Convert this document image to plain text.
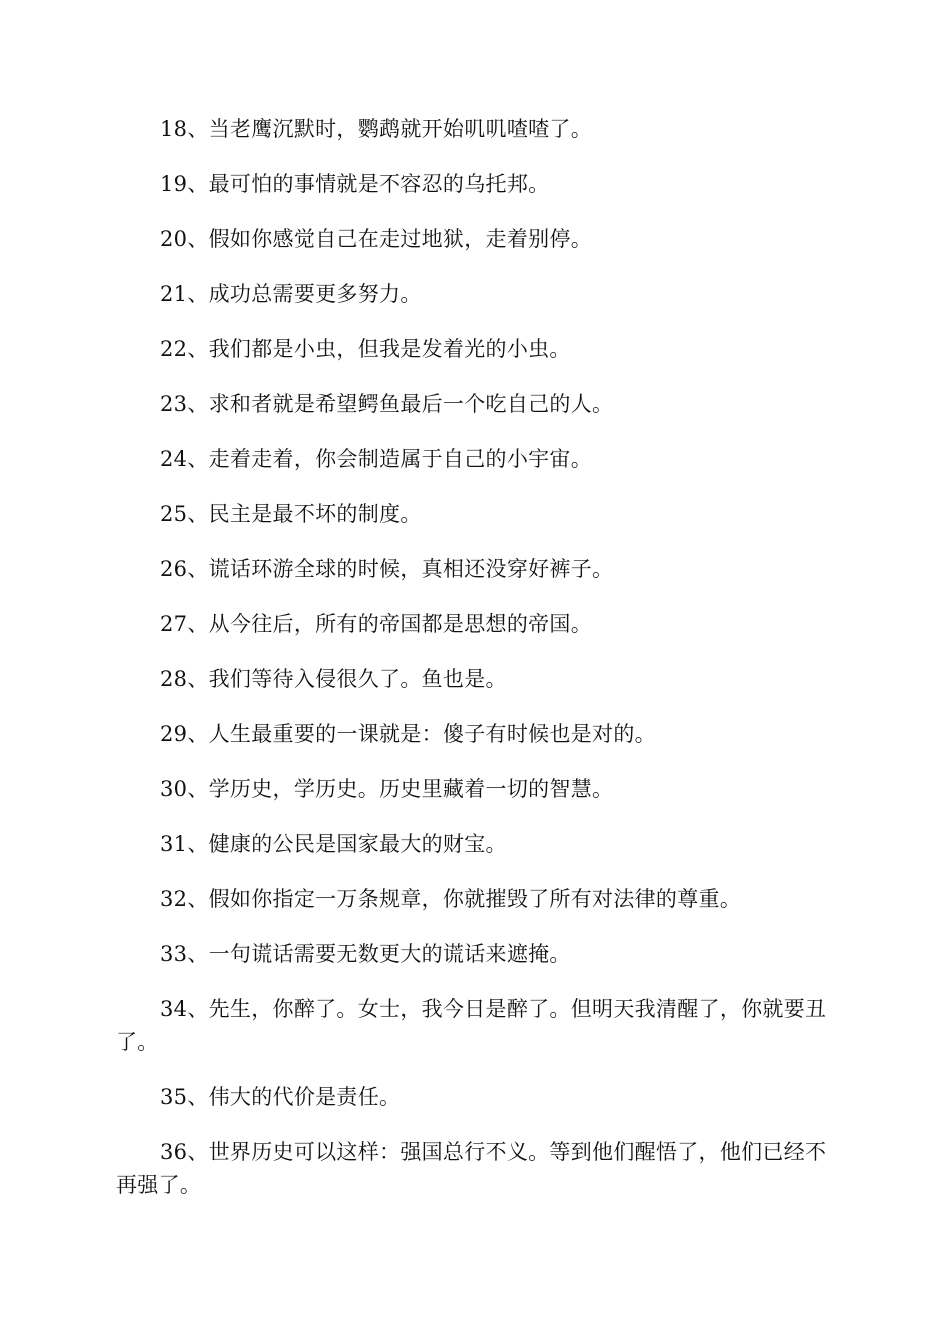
18、当老鹰沉默时，鹦鹉就开始叽叽喳喳了。

19、最可怕的事情就是不容忍的乌托邦。

20、假如你感觉自己在走过地狱，走着别停。

21、成功总需要更多努力。

22、我们都是小虫，但我是发着光的小虫。

23、求和者就是希望鳄鱼最后一个吃自己的人。

24、走着走着，你会制造属于自己的小宇宙。

25、民主是最不坏的制度。

26、谎话环游全球的时候，真相还没穿好裤子。

27、从今往后，所有的帝国都是思想的帝国。

28、我们等待入侵很久了。鱼也是。

29、人生最重要的一课就是：傻子有时候也是对的。

30、学历史，学历史。历史里藏着一切的智慧。

31、健康的公民是国家最大的财宝。

32、假如你指定一万条规章，你就摧毁了所有对法律的尊重。

33、一句谎话需要无数更大的谎话来遮掩。

34、先生，你醉了。女士，我今日是醉了。但明天我清醒了，你就要丑了。

35、伟大的代价是责任。

36、世界历史可以这样：强国总行不义。等到他们醒悟了，他们已经不再强了。
